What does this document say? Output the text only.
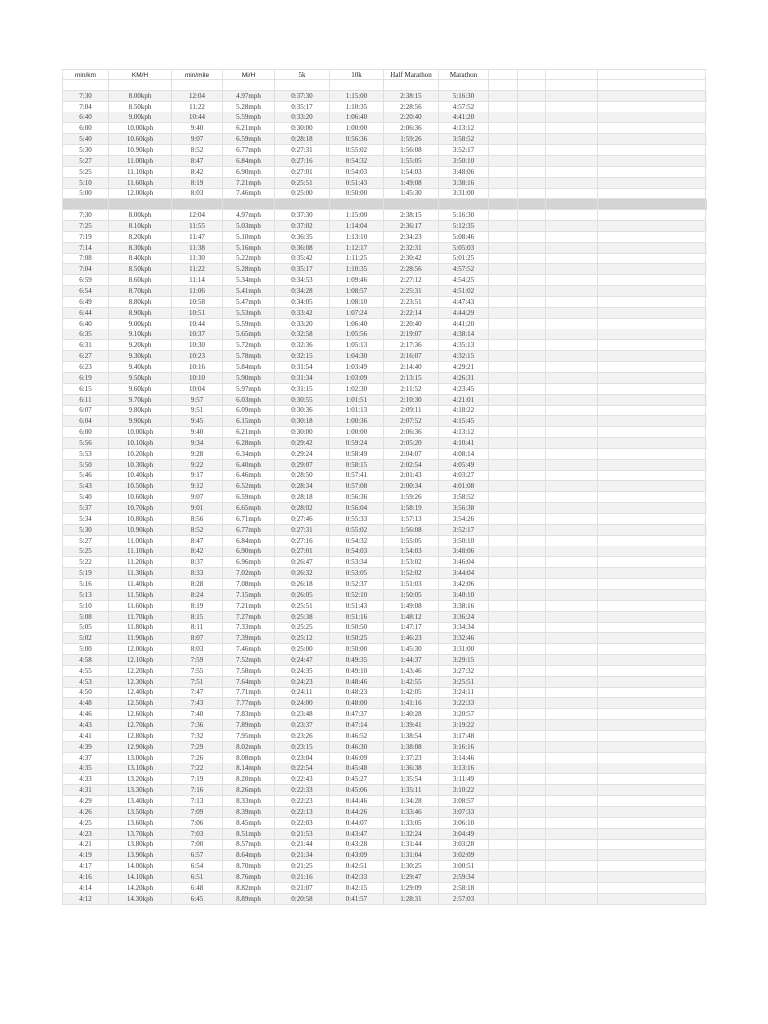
min/km	KM/H	min/mile	Mi/H	5k	10k	Half Marathon	Marathon
7:30	8.00kph	12:04	4.97mph	0:37:30	1:15:00	2:38:15	5:16:30
7:04	8.50kph	11:22	5.28mph	0:35:17	1:10:35	2:28:56	4:57:52
6:40	9.00kph	10:44	5.59mph	0:33:20	1:06:40	2:20:40	4:41:20
6:00	10.00kph	9:40	6.21mph	0:30:00	1:00:00	2:06:36	4:13:12
5:40	10.60kph	9:07	6.59mph	0:28:18	0:56:36	1:59:26	3:58:52
5:30	10.90kph	8:52	6.77mph	0:27:31	0:55:02	1:56:08	3:52:17
5:27	11.00kph	8:47	6.84mph	0:27:16	0:54:32	1:55:05	3:50:10
5:25	11.10kph	8:42	6.90mph	0:27:01	0:54:03	1:54:03	3:48:06
5:10	11.60kph	8:19	7.21mph	0:25:51	0:51:43	1:49:08	3:38:16
5:00	12.00kph	8:03	7.46mph	0:25:00	0:50:00	1:45:30	3:31:00
7:30	8.00kph	12:04	4.97mph	0:37:30	1:15:00	2:38:15	5:16:30
7:25	8.10kph	11:55	5.03mph	0:37:02	1:14:04	2:36:17	5:12:35
7:19	8.20kph	11:47	5.10mph	0:36:35	1:13:10	2:34:23	5:08:46
7:14	8.30kph	11:38	5.16mph	0:36:08	1:12:17	2:32:31	5:05:03
7:08	8.40kph	11:30	5.22mph	0:35:42	1:11:25	2:30:42	5:01:25
7:04	8.50kph	11:22	5.28mph	0:35:17	1:10:35	2:28:56	4:57:52
6:59	8.60kph	11:14	5.34mph	0:34:53	1:09:46	2:27:12	4:54:25
6:54	8.70kph	11:06	5.41mph	0:34:28	1:08:57	2:25:31	4:51:02
6:49	8.80kph	10:58	5.47mph	0:34:05	1:08:10	2:23:51	4:47:43
6:44	8.90kph	10:51	5.53mph	0:33:42	1:07:24	2:22:14	4:44:29
6:40	9.00kph	10:44	5.59mph	0:33:20	1:06:40	2:20:40	4:41:20
6:35	9.10kph	10:37	5.65mph	0:32:58	1:05:56	2:19:07	4:38:14
6:31	9.20kph	10:30	5.72mph	0:32:36	1:05:13	2:17:36	4:35:13
6:27	9.30kph	10:23	5.78mph	0:32:15	1:04:30	2:16:07	4:32:15
6:23	9.40kph	10:16	5.84mph	0:31:54	1:03:49	2:14:40	4:29:21
6:19	9.50kph	10:10	5.90mph	0:31:34	1:03:09	2:13:15	4:26:31
6:15	9.60kph	10:04	5.97mph	0:31:15	1:02:30	2:11:52	4:23:45
6:11	9.70kph	9:57	6.03mph	0:30:55	1:01:51	2:10:30	4:21:01
6:07	9.80kph	9:51	6.09mph	0:30:36	1:01:13	2:09:11	4:18:22
6:04	9.90kph	9:45	6.15mph	0:30:18	1:00:36	2:07:52	4:15:45
6:00	10.00kph	9:40	6.21mph	0:30:00	1:00:00	2:06:36	4:13:12
5:56	10.10kph	9:34	6.28mph	0:29:42	0:59:24	2:05:20	4:10:41
5:53	10.20kph	9:28	6.34mph	0:29:24	0:58:49	2:04:07	4:08:14
5:50	10.30kph	9:22	6.40mph	0:29:07	0:58:15	2:02:54	4:05:49
5:46	10.40kph	9:17	6.46mph	0:28:50	0:57:41	2:01:43	4:03:27
5:43	10.50kph	9:12	6.52mph	0:28:34	0:57:08	2:00:34	4:01:08
5:40	10.60kph	9:07	6.59mph	0:28:18	0:56:36	1:59:26	3:58:52
5:37	10.70kph	9:01	6.65mph	0:28:02	0:56:04	1:58:19	3:56:38
5:34	10.80kph	8:56	6.71mph	0:27:46	0:55:33	1:57:13	3:54:26
5:30	10.90kph	8:52	6.77mph	0:27:31	0:55:02	1:56:08	3:52:17
5:27	11.00kph	8:47	6.84mph	0:27:16	0:54:32	1:55:05	3:50:10
5:25	11.10kph	8:42	6.90mph	0:27:01	0:54:03	1:54:03	3:48:06
5:22	11.20kph	8:37	6.96mph	0:26:47	0:53:34	1:53:02	3:46:04
5:19	11.30kph	8:33	7.02mph	0:26:32	0:53:05	1:52:02	3:44:04
5:16	11.40kph	8:28	7.08mph	0:26:18	0:52:37	1:51:03	3:42:06
5:13	11.50kph	8:24	7.15mph	0:26:05	0:52:10	1:50:05	3:40:10
5:10	11.60kph	8:19	7.21mph	0:25:51	0:51:43	1:49:08	3:38:16
5:08	11.70kph	8:15	7.27mph	0:25:38	0:51:16	1:48:12	3:36:24
5:05	11.80kph	8:11	7.33mph	0:25:25	0:50:50	1:47:17	3:34:34
5:02	11.90kph	8:07	7.39mph	0:25:12	0:50:25	1:46:23	3:32:46
5:00	12.00kph	8:03	7.46mph	0:25:00	0:50:00	1:45:30	3:31:00
4:58	12.10kph	7:59	7.52mph	0:24:47	0:49:35	1:44:37	3:29:15
4:55	12.20kph	7:55	7.58mph	0:24:35	0:49:10	1:43:46	3:27:32
4:53	12.30kph	7:51	7.64mph	0:24:23	0:48:46	1:42:55	3:25:51
4:50	12.40kph	7:47	7.71mph	0:24:11	0:48:23	1:42:05	3:24:11
4:48	12.50kph	7:43	7.77mph	0:24:00	0:48:00	1:41:16	3:22:33
4:46	12.60kph	7:40	7.83mph	0:23:48	0:47:37	1:40:28	3:20:57
4:43	12.70kph	7:36	7.89mph	0:23:37	0:47:14	1:39:41	3:19:22
4:41	12.80kph	7:32	7.95mph	0:23:26	0:46:52	1:38:54	3:17:48
4:39	12.90kph	7:29	8.02mph	0:23:15	0:46:30	1:38:08	3:16:16
4:37	13.00kph	7:26	8.08mph	0:23:04	0:46:09	1:37:23	3:14:46
4:35	13.10kph	7:22	8.14mph	0:22:54	0:45:48	1:36:38	3:13:16
4:33	13.20kph	7:19	8.20mph	0:22:43	0:45:27	1:35:54	3:11:49
4:31	13.30kph	7:16	8.26mph	0:22:33	0:45:06	1:35:11	3:10:22
4:29	13.40kph	7:13	8.33mph	0:22:23	0:44:46	1:34:28	3:08:57
4:26	13.50kph	7:09	8.39mph	0:22:13	0:44:26	1:33:46	3:07:33
4:25	13.60kph	7:06	8.45mph	0:22:03	0:44:07	1:33:05	3:06:10
4:23	13.70kph	7:03	8.51mph	0:21:53	0:43:47	1:32:24	3:04:49
4:21	13.80kph	7:00	8.57mph	0:21:44	0:43:28	1:31:44	3:03:28
4:19	13.90kph	6:57	8.64mph	0:21:34	0:43:09	1:31:04	3:02:09
4:17	14.00kph	6:54	8.70mph	0:21:25	0:42:51	1:30:25	3:00:51
4:16	14.10kph	6:51	8.76mph	0:21:16	0:42:33	1:29:47	2:59:34
4:14	14.20kph	6:48	8.82mph	0:21:07	0:42:15	1:29:09	2:58:18
4:12	14.30kph	6:45	8.89mph	0:20:58	0:41:57	1:28:31	2:57:03
